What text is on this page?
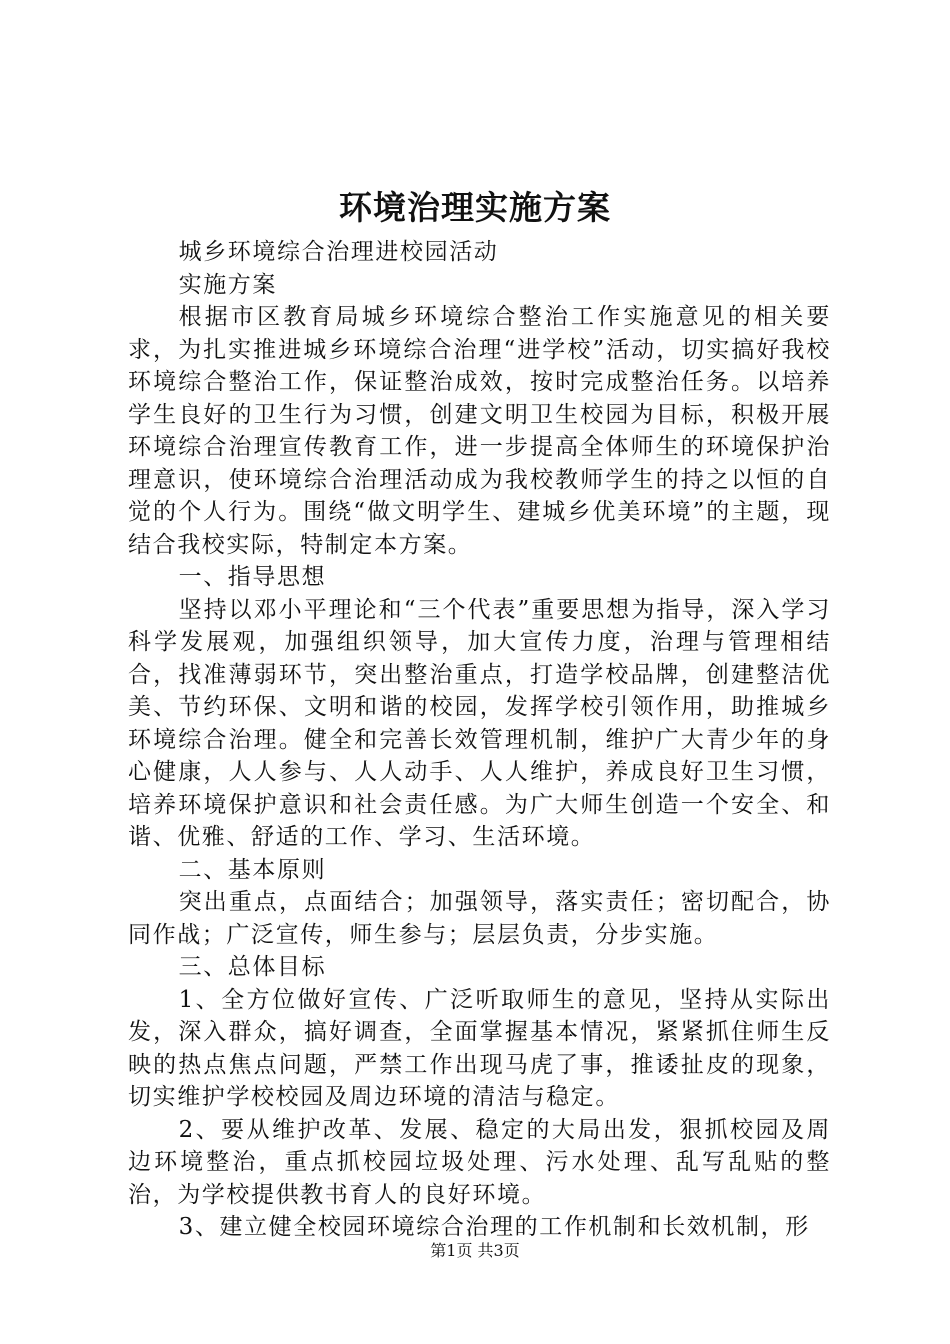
环境治理实施方案

城乡环境综合治理进校园活动

实施方案

根据市区教育局城乡环境综合整治工作实施意见的相关要求，为扎实推进城乡环境综合治理“进学校”活动，切实搞好我校环境综合整治工作，保证整治成效，按时完成整治任务。以培养学生良好的卫生行为习惯，创建文明卫生校园为目标，积极开展环境综合治理宣传教育工作，进一步提高全体师生的环境保护治理意识，使环境综合治理活动成为我校教师学生的持之以恒的自觉的个人行为。围绕“做文明学生、建城乡优美环境”的主题，现结合我校实际，特制定本方案。

一、指导思想

坚持以邓小平理论和“三个代表”重要思想为指导，深入学习科学发展观，加强组织领导，加大宣传力度，治理与管理相结合，找准薄弱环节，突出整治重点，打造学校品牌，创建整洁优美、节约环保、文明和谐的校园，发挥学校引领作用，助推城乡环境综合治理。健全和完善长效管理机制，维护广大青少年的身心健康，人人参与、人人动手、人人维护，养成良好卫生习惯，培养环境保护意识和社会责任感。为广大师生创造一个安全、和谐、优雅、舒适的工作、学习、生活环境。

二、基本原则

突出重点，点面结合；加强领导，落实责任；密切配合，协同作战；广泛宣传，师生参与；层层负责，分步实施。

三、总体目标

1、全方位做好宣传、广泛听取师生的意见，坚持从实际出发，深入群众，搞好调查，全面掌握基本情况，紧紧抓住师生反映的热点焦点问题，严禁工作出现马虎了事，推诿扯皮的现象，切实维护学校校园及周边环境的清洁与稳定。

2、要从维护改革、发展、稳定的大局出发，狠抓校园及周边环境整治，重点抓校园垃圾处理、污水处理、乱写乱贴的整治，为学校提供教书育人的良好环境。

3、建立健全校园环境综合治理的工作机制和长效机制，形

第1页 共3页
